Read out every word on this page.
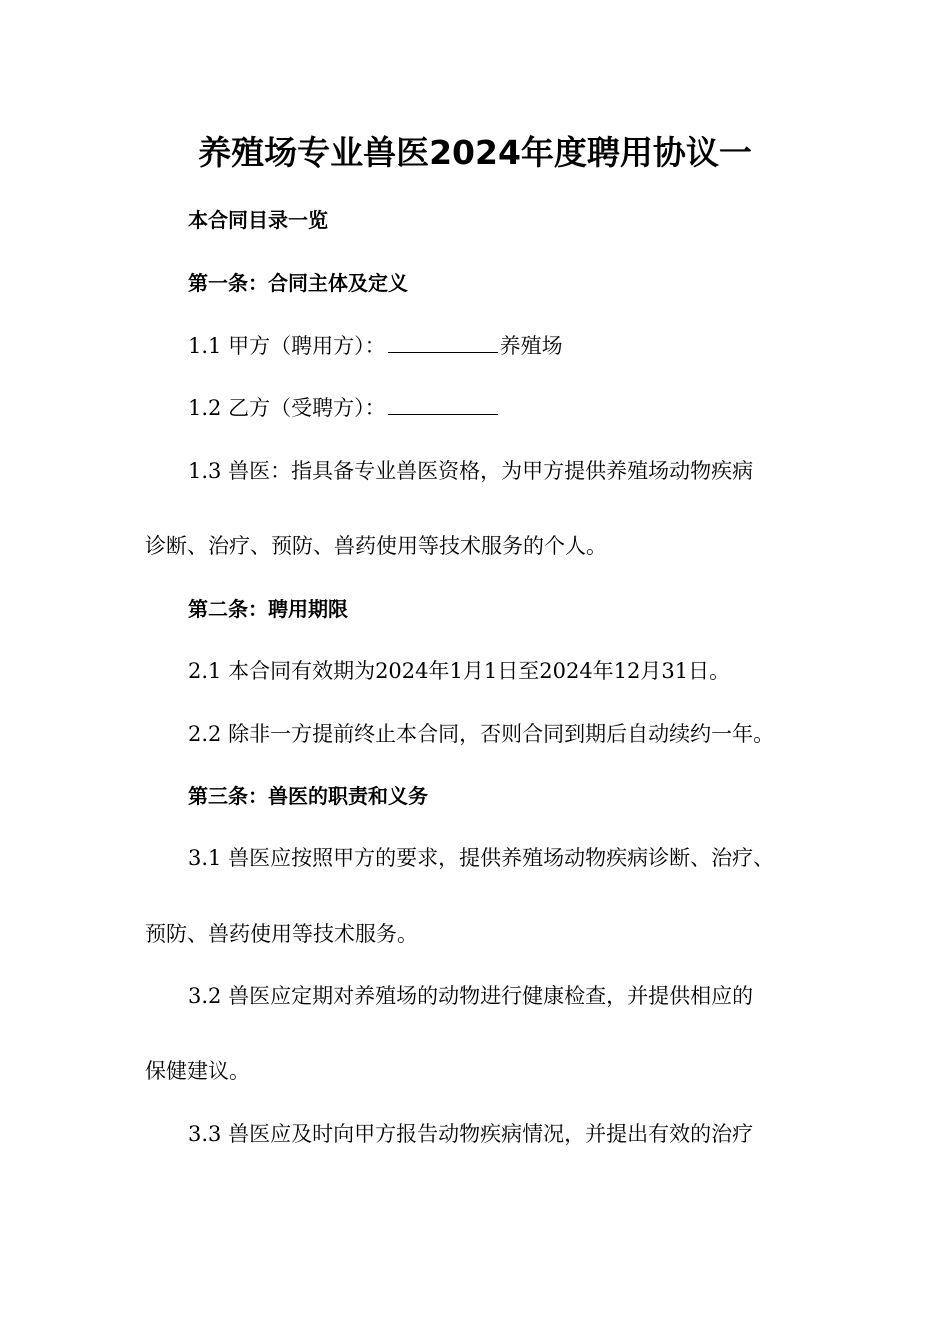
养殖场专业兽医2024年度聘用协议一
本合同目录一览
第一条：合同主体及定义
1.1 甲方（聘用方）：	养殖场
1.2 乙方（受聘方）：
1.3 兽医：指具备专业兽医资格，为甲方提供养殖场动物疾病
诊断、治疗、预防、兽药使用等技术服务的个人。
第二条：聘用期限
2.1 本合同有效期为2024年1月1日至2024年12月31日。
2.2 除非一方提前终止本合同，否则合同到期后自动续约一年。
第三条：兽医的职责和义务
3.1 兽医应按照甲方的要求，提供养殖场动物疾病诊断、治疗、
预防、兽药使用等技术服务。
3.2 兽医应定期对养殖场的动物进行健康检查，并提供相应的
保健建议。
3.3 兽医应及时向甲方报告动物疾病情况，并提出有效的治疗
